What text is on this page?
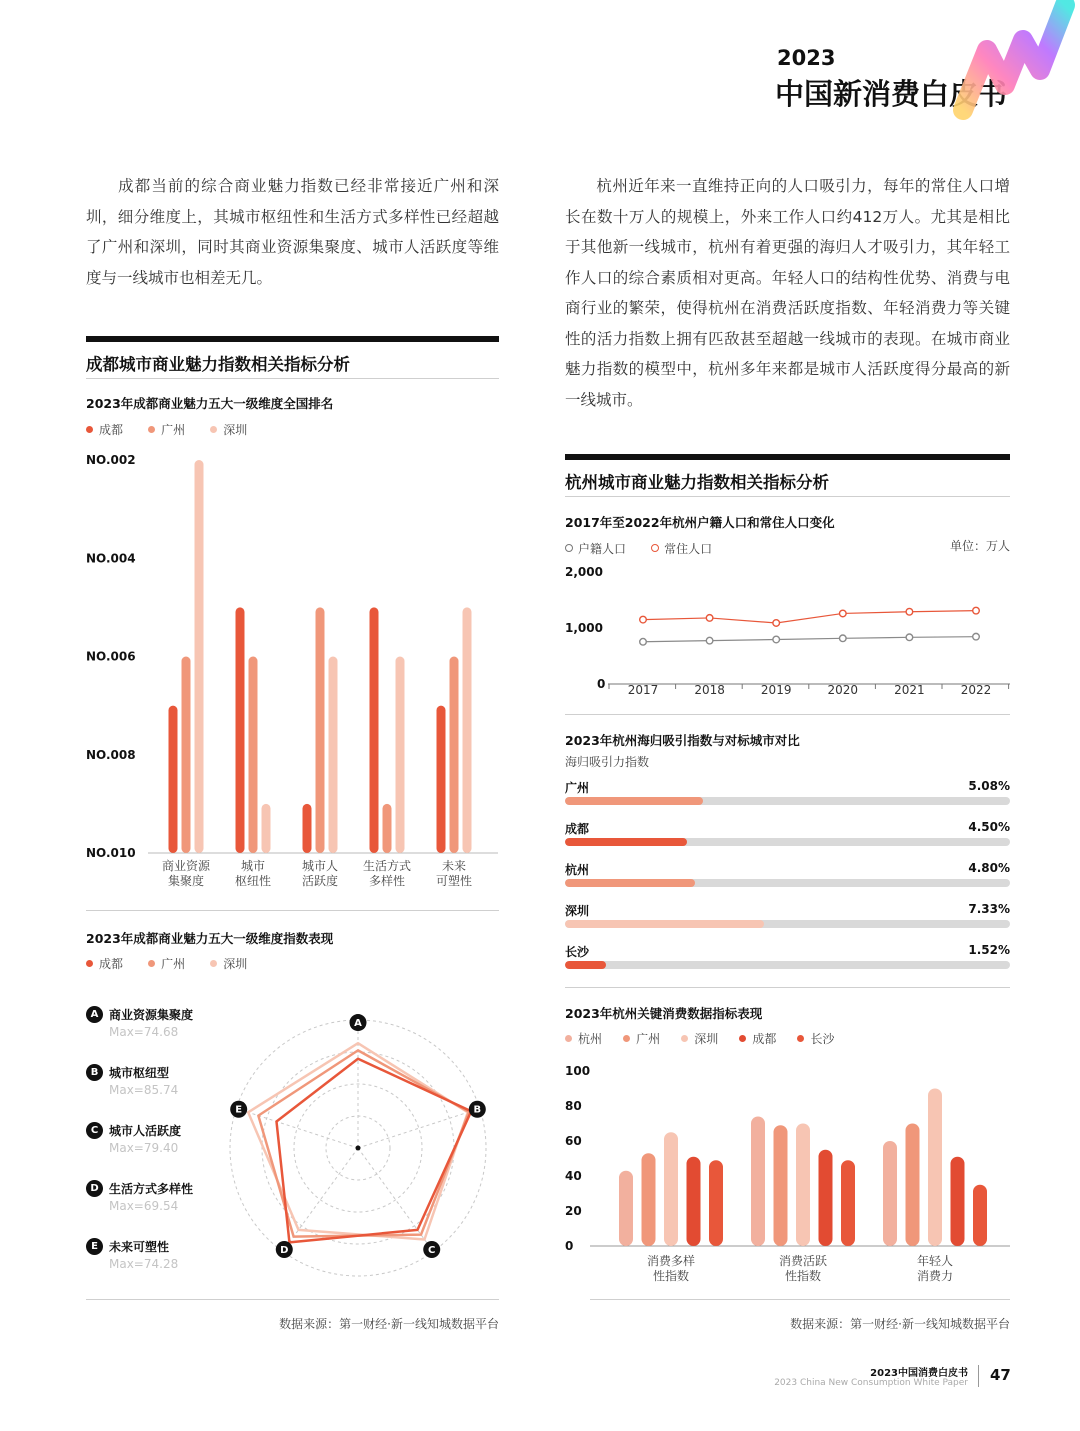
2023
中国新消费白皮书
成都当前的综合商业魅力指数已经非常接近广州和深圳，细分维度上，其城市枢纽性和生活方式多样性已经超越了广州和深圳，同时其商业资源集聚度、城市人活跃度等维度与一线城市也相差无几。
杭州近年来一直维持正向的人口吸引力，每年的常住人口增长在数十万人的规模上，外来工作人口约412万人。尤其是相比于其他新一线城市，杭州有着更强的海归人才吸引力，其年轻工作人口的综合素质相对更高。年轻人口的结构性优势、消费与电商行业的繁荣，使得杭州在消费活跃度指数、年轻消费力等关键性的活力指数上拥有匹敌甚至超越一线城市的表现。在城市商业魅力指数的模型中，杭州多年来都是城市人活跃度得分最高的新一线城市。
成都城市商业魅力指数相关指标分析
2023年成都商业魅力五大一级维度全国排名
成都
	广州
	深圳
NO.002
NO.004
NO.006
NO.008
NO.010
商业资源
集聚度
城市
枢纽性
城市人
活跃度
生活方式
多样性
未来
可塑性
2023年成都商业魅力五大一级维度指数表现
成都
	广州
	深圳
A 商业资源集聚度
Max=74.68
B 城市枢纽型
Max=85.74
C 城市人活跃度
Max=79.40
D 生活方式多样性
Max=69.54
E 未来可塑性
Max=74.28
A
B
C
D
E
数据来源：第一财经·新一线知城数据平台
杭州城市商业魅力指数相关指标分析
2017年至2022年杭州户籍人口和常住人口变化
户籍人口
	常住人口	单位：万人
2,000
1,000
0 2017	2018	2019	2020	2021	2022
2023年杭州海归吸引指数与对标城市对比
海归吸引力指数
广州	5.08%
成都	4.50%
杭州	4.80%
深圳	7.33%
长沙	1.52%
2023年杭州关键消费数据指标表现
杭州
	广州
	深圳
	成都
	长沙
0
20
40
60
80
100
消费多样
性指数
消费活跃
性指数
年轻人
消费力
数据来源：第一财经·新一线知城数据平台
2023中国消费白皮书
2023 China New Consumption White Paper 47
